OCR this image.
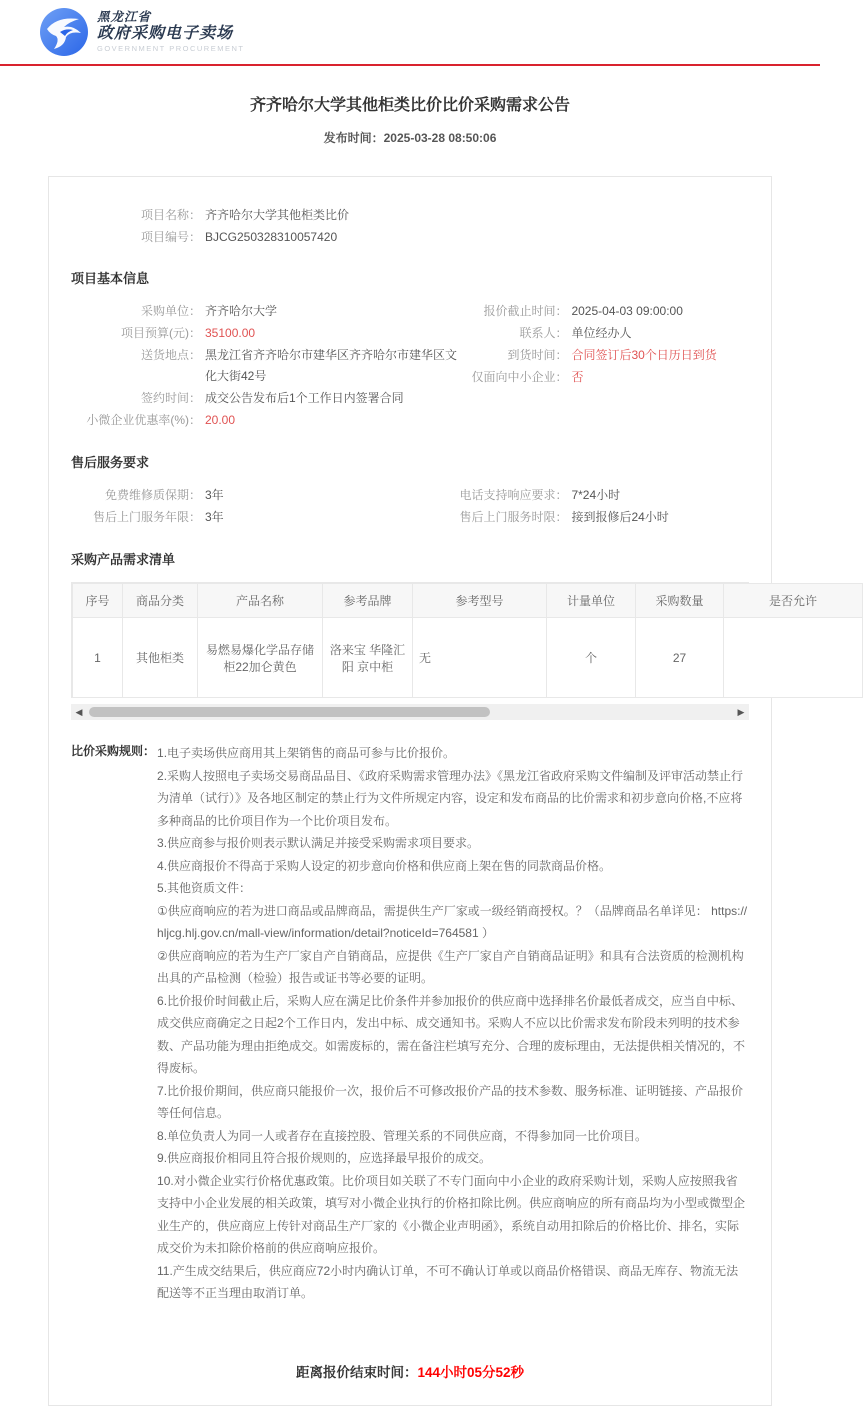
黑龙江省
政府采购电子卖场
GOVERNMENT PROCUREMENT
齐齐哈尔大学其他柜类比价比价采购需求公告
发布时间：2025-03-28 08:50:06
项目名称： 齐齐哈尔大学其他柜类比价
项目编号： BJCG250328310057420
项目基本信息
采购单位： 齐齐哈尔大学
项目预算(元)： 35100.00
送货地点： 黑龙江省齐齐哈尔市建华区齐齐哈尔市建华区文化大街42号
签约时间： 成交公告发布后1个工作日内签署合同
小微企业优惠率(%)： 20.00
报价截止时间： 2025-04-03 09:00:00
联系人： 单位经办人
到货时间： 合同签订后30个日历日到货
仅面向中小企业： 否
售后服务要求
免费维修质保期： 3年
售后上门服务年限： 3年
电话支持响应要求： 7*24小时
售后上门服务时限： 接到报修后24小时
采购产品需求清单
序号	商品分类	产品名称	参考品牌	参考型号	计量单位	采购数量	是否允许
1	其他柜类	易燃易爆化学品存储柜22加仑黄色	洛来宝 华隆汇阳 京中柜	无	个	27	
◀	▶
比价采购规则： 1.电子卖场供应商用其上架销售的商品可参与比价报价。

2.采购人按照电子卖场交易商品品目、《政府采购需求管理办法》《黑龙江省政府采购文件编制及评审活动禁止行为清单（试行）》及各地区制定的禁止行为文件所规定内容，设定和发布商品的比价需求和初步意向价格,不应将多种商品的比价项目作为一个比价项目发布。

3.供应商参与报价则表示默认满足并接受采购需求项目要求。

4.供应商报价不得高于采购人设定的初步意向价格和供应商上架在售的同款商品价格。

5.其他资质文件：

①供应商响应的若为进口商品或品牌商品，需提供生产厂家或一级经销商授权。？（品牌商品名单详见： https://hljcg.hlj.gov.cn/mall-view/information/detail?noticeId=764581 ）

②供应商响应的若为生产厂家自产自销商品，应提供《生产厂家自产自销商品证明》和具有合法资质的检测机构出具的产品检测（检验）报告或证书等必要的证明。

6.比价报价时间截止后，采购人应在满足比价条件并参加报价的供应商中选择排名价最低者成交，应当自中标、成交供应商确定之日起2个工作日内，发出中标、成交通知书。采购人不应以比价需求发布阶段未列明的技术参数、产品功能为理由拒绝成交。如需废标的，需在备注栏填写充分、合理的废标理由，无法提供相关情况的，不得废标。

7.比价报价期间，供应商只能报价一次，报价后不可修改报价产品的技术参数、服务标准、证明链接、产品报价等任何信息。

8.单位负责人为同一人或者存在直接控股、管理关系的不同供应商，不得参加同一比价项目。

9.供应商报价相同且符合报价规则的，应选择最早报价的成交。

10.对小微企业实行价格优惠政策。比价项目如关联了不专门面向中小企业的政府采购计划，采购人应按照我省支持中小企业发展的相关政策，填写对小微企业执行的价格扣除比例。供应商响应的所有商品均为小型或微型企业生产的，供应商应上传针对商品生产厂家的《小微企业声明函》，系统自动用扣除后的价格比价、排名，实际成交价为未扣除价格前的供应商响应报价。

11.产生成交结果后，供应商应72小时内确认订单，不可不确认订单或以商品价格错误、商品无库存、物流无法配送等不正当理由取消订单。

距离报价结束时间：144小时05分52秒
